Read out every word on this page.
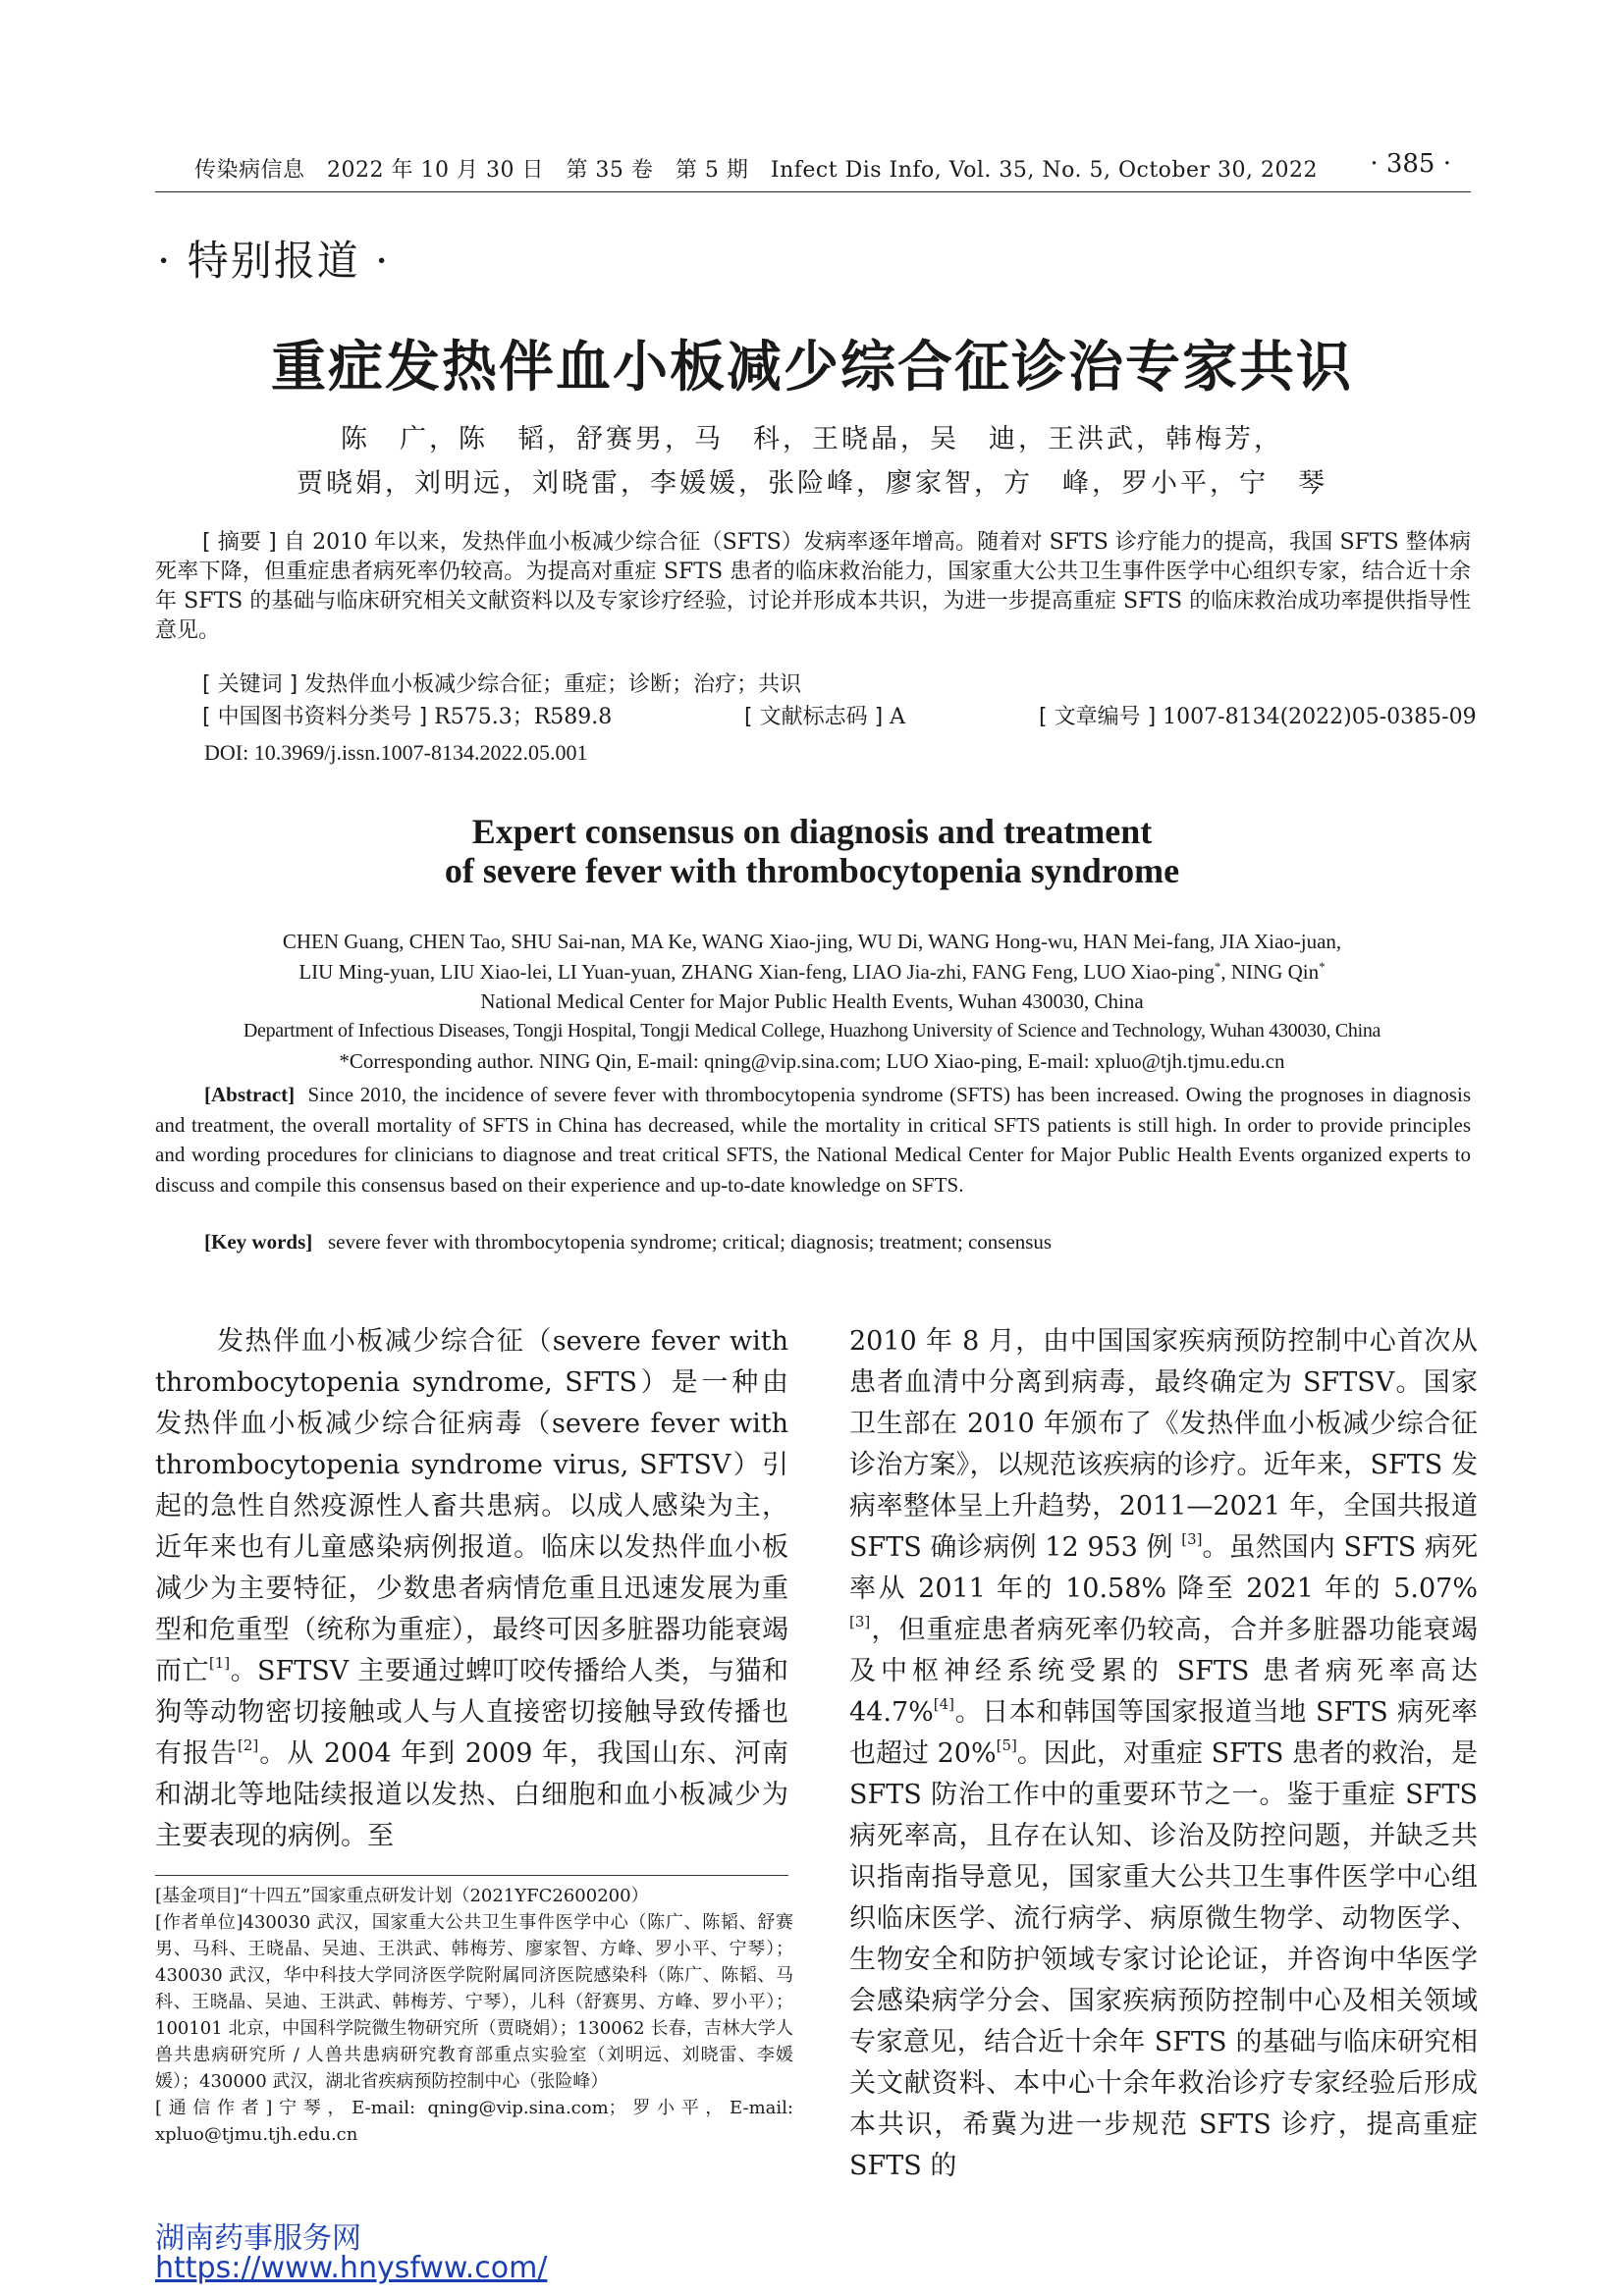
传染病信息　2022 年 10 月 30 日　第 35 卷　第 5 期　Infect Dis Info, Vol. 35, No. 5, October 30, 2022 · 385 ·
· 特别报道 ·
重症发热伴血小板减少综合征诊治专家共识
陈　广，陈　韬，舒赛男，马　科，王晓晶，吴　迪，王洪武，韩梅芳，
贾晓娟，刘明远，刘晓雷，李媛媛，张险峰，廖家智，方　峰，罗小平，宁　琴
[ 摘要 ] 自 2010 年以来，发热伴血小板减少综合征（SFTS）发病率逐年增高。随着对 SFTS 诊疗能力的提高，我国 SFTS 整体病死率下降，但重症患者病死率仍较高。为提高对重症 SFTS 患者的临床救治能力，国家重大公共卫生事件医学中心组织专家，结合近十余年 SFTS 的基础与临床研究相关文献资料以及专家诊疗经验，讨论并形成本共识，为进一步提高重症 SFTS 的临床救治成功率提供指导性意见。
[ 关键词 ] 发热伴血小板减少综合征；重症；诊断；治疗；共识
[ 中国图书资料分类号 ] R575.3；R589.8	[ 文献标志码 ] A	[ 文章编号 ] 1007-8134(2022)05-0385-09
DOI: 10.3969/j.issn.1007-8134.2022.05.001
Expert consensus on diagnosis and treatment
of severe fever with thrombocytopenia syndrome
CHEN Guang, CHEN Tao, SHU Sai-nan, MA Ke, WANG Xiao-jing, WU Di, WANG Hong-wu, HAN Mei-fang, JIA Xiao-juan,
LIU Ming-yuan, LIU Xiao-lei, LI Yuan-yuan, ZHANG Xian-feng, LIAO Jia-zhi, FANG Feng, LUO Xiao-ping*, NING Qin*
National Medical Center for Major Public Health Events, Wuhan 430030, China
Department of Infectious Diseases, Tongji Hospital, Tongji Medical College, Huazhong University of Science and Technology, Wuhan 430030, China
*Corresponding author. NING Qin, E-mail: qning@vip.sina.com; LUO Xiao-ping, E-mail: xpluo@tjh.tjmu.edu.cn
[Abstract] Since 2010, the incidence of severe fever with thrombocytopenia syndrome (SFTS) has been increased. Owing the prognoses in diagnosis and treatment, the overall mortality of SFTS in China has decreased, while the mortality in critical SFTS patients is still high. In order to provide principles and wording procedures for clinicians to diagnose and treat critical SFTS, the National Medical Center for Major Public Health Events organized experts to discuss and compile this consensus based on their experience and up-to-date knowledge on SFTS.
[Key words] severe fever with thrombocytopenia syndrome; critical; diagnosis; treatment; consensus

发热伴血小板减少综合征（severe fever with thrombocytopenia syndrome, SFTS）是一种由发热伴血小板减少综合征病毒（severe fever with thrombocytopenia syndrome virus, SFTSV）引起的急性自然疫源性人畜共患病。以成人感染为主，近年来也有儿童感染病例报道。临床以发热伴血小板减少为主要特征，少数患者病情危重且迅速发展为重型和危重型（统称为重症），最终可因多脏器功能衰竭而亡[1]。SFTSV 主要通过蜱叮咬传播给人类，与猫和狗等动物密切接触或人与人直接密切接触导致传播也有报告[2]。从 2004 年到 2009 年，我国山东、河南和湖北等地陆续报道以发热、白细胞和血小板减少为主要表现的病例。至

2010 年 8 月，由中国国家疾病预防控制中心首次从患者血清中分离到病毒，最终确定为 SFTSV。国家卫生部在 2010 年颁布了《发热伴血小板减少综合征诊治方案》，以规范该疾病的诊疗。近年来，SFTS 发病率整体呈上升趋势，2011—2021 年，全国共报道 SFTS 确诊病例 12 953 例 [3]。虽然国内 SFTS 病死率从 2011 年的 10.58% 降至 2021 年的 5.07%[3]，但重症患者病死率仍较高，合并多脏器功能衰竭及中枢神经系统受累的 SFTS 患者病死率高达 44.7%[4]。日本和韩国等国家报道当地 SFTS 病死率也超过 20%[5]。因此，对重症 SFTS 患者的救治，是 SFTS 防治工作中的重要环节之一。鉴于重症 SFTS 病死率高，且存在认知、诊治及防控问题，并缺乏共识指南指导意见，国家重大公共卫生事件医学中心组织临床医学、流行病学、病原微生物学、动物医学、生物安全和防护领域专家讨论论证，并咨询中华医学会感染病学分会、国家疾病预防控制中心及相关领域专家意见，结合近十余年 SFTS 的基础与临床研究相关文献资料、本中心十余年救治诊疗专家经验后形成本共识，希冀为进一步规范 SFTS 诊疗，提高重症 SFTS 的

[基金项目]“十四五”国家重点研发计划（2021YFC2600200）

[作者单位]430030 武汉，国家重大公共卫生事件医学中心（陈广、陈韬、舒赛男、马科、王晓晶、吴迪、王洪武、韩梅芳、廖家智、方峰、罗小平、宁琴）；430030 武汉，华中科技大学同济医学院附属同济医院感染科（陈广、陈韬、马科、王晓晶、吴迪、王洪武、韩梅芳、宁琴），儿科（舒赛男、方峰、罗小平）；100101 北京，中国科学院微生物研究所（贾晓娟）；130062 长春，吉林大学人兽共患病研究所 / 人兽共患病研究教育部重点实验室（刘明远、刘晓雷、李媛媛）；430000 武汉，湖北省疾病预防控制中心（张险峰）

[通信作者]宁琴，E-mail: qning@vip.sina.com；罗小平，E-mail: xpluo@tjmu.tjh.edu.cn

湖南药事服务网
https://www.hnysfww.com/
